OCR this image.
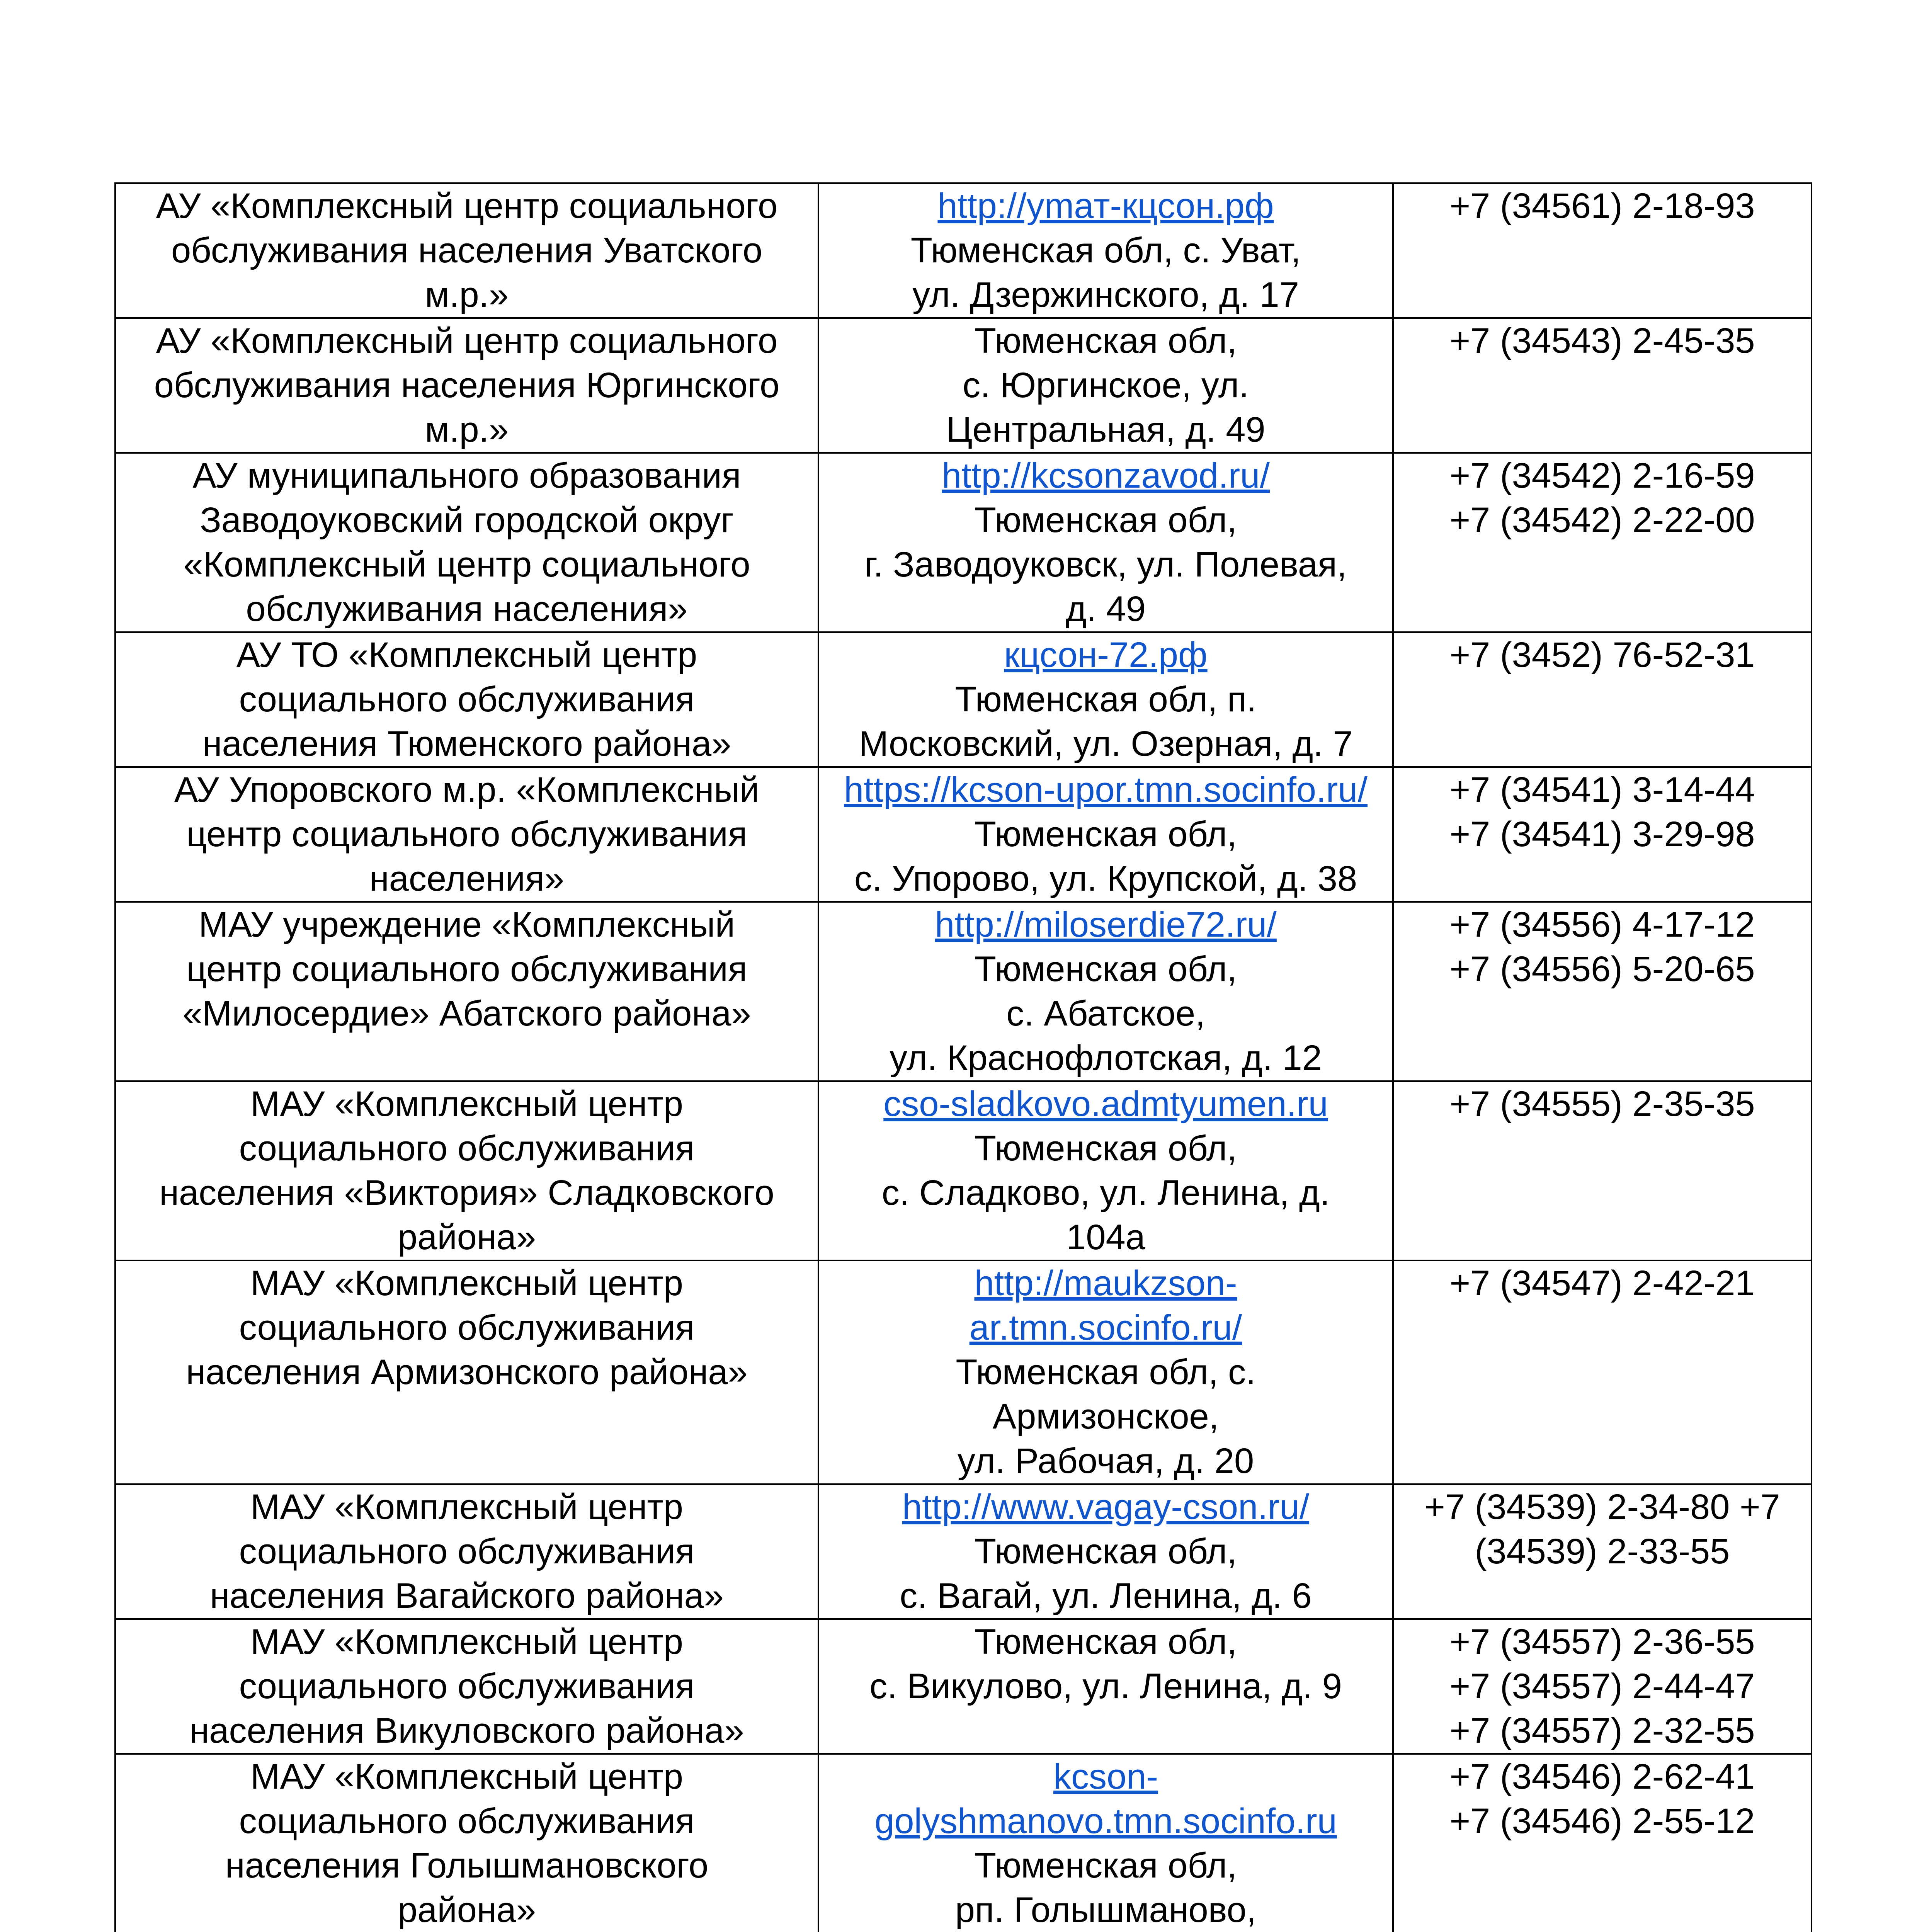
АУ «Комплексный центр социального
обслуживания населения Уватского
м.р.»	http://ymaт-кцсон.рф
Тюменская обл, с. Уват,
ул. Дзержинского, д. 17	+7 (34561) 2-18-93

АУ «Комплексный центр социального
обслуживания населения Юргинского
м.р.»	Тюменская обл,
с. Юргинское, ул.
Центральная, д. 49	+7 (34543) 2-45-35

АУ муниципального образования
Заводоуковский городской округ
«Комплексный центр социального
обслуживания населения»	http://kcsonzavod.ru/
Тюменская обл,
г. Заводоуковск, ул. Полевая,
д. 49	+7 (34542) 2-16-59
+7 (34542) 2-22-00

АУ ТО «Комплексный центр
социального обслуживания
населения Тюменского района»	кцсон-72.рф
Тюменская обл, п.
Московский, ул. Озерная, д. 7	+7 (3452) 76-52-31

АУ Упоровского м.р. «Комплексный
центр социального обслуживания
населения»	https://kcson-upor.tmn.socinfo.ru/
Тюменская обл,
с. Упорово, ул. Крупской, д. 38	+7 (34541) 3-14-44
+7 (34541) 3-29-98

МАУ учреждение «Комплексный
центр социального обслуживания
«Милосердие» Абатского района»	http://miloserdie72.ru/
Тюменская обл,
с. Абатское,
ул. Краснофлотская, д. 12	+7 (34556) 4-17-12
+7 (34556) 5-20-65

МАУ «Комплексный центр
социального обслуживания
населения «Виктория» Сладковского
района»	cso-sladkovo.admtyumen.ru
Тюменская обл,
с. Сладково, ул. Ленина, д.
104а	+7 (34555) 2-35-35

МАУ «Комплексный центр
социального обслуживания
населения Армизонского района»	http://maukzson-
ar.tmn.socinfo.ru/
Тюменская обл, с.
Армизонское,
ул. Рабочая, д. 20	+7 (34547) 2-42-21

МАУ «Комплексный центр
социального обслуживания
населения Вагайского района»	http://www.vagay-cson.ru/
Тюменская обл,
с. Вагай, ул. Ленина, д. 6	+7 (34539) 2-34-80 +7
(34539) 2-33-55

МАУ «Комплексный центр
социального обслуживания
населения Викуловского района»	Тюменская обл,
с. Викулово, ул. Ленина, д. 9	+7 (34557) 2-36-55
+7 (34557) 2-44-47
+7 (34557) 2-32-55

МАУ «Комплексный центр
социального обслуживания
населения Голышмановского
района»	kcson-
golyshmanovo.tmn.socinfo.ru
Тюменская обл,
рп. Голышманово,	+7 (34546) 2-62-41
+7 (34546) 2-55-12
